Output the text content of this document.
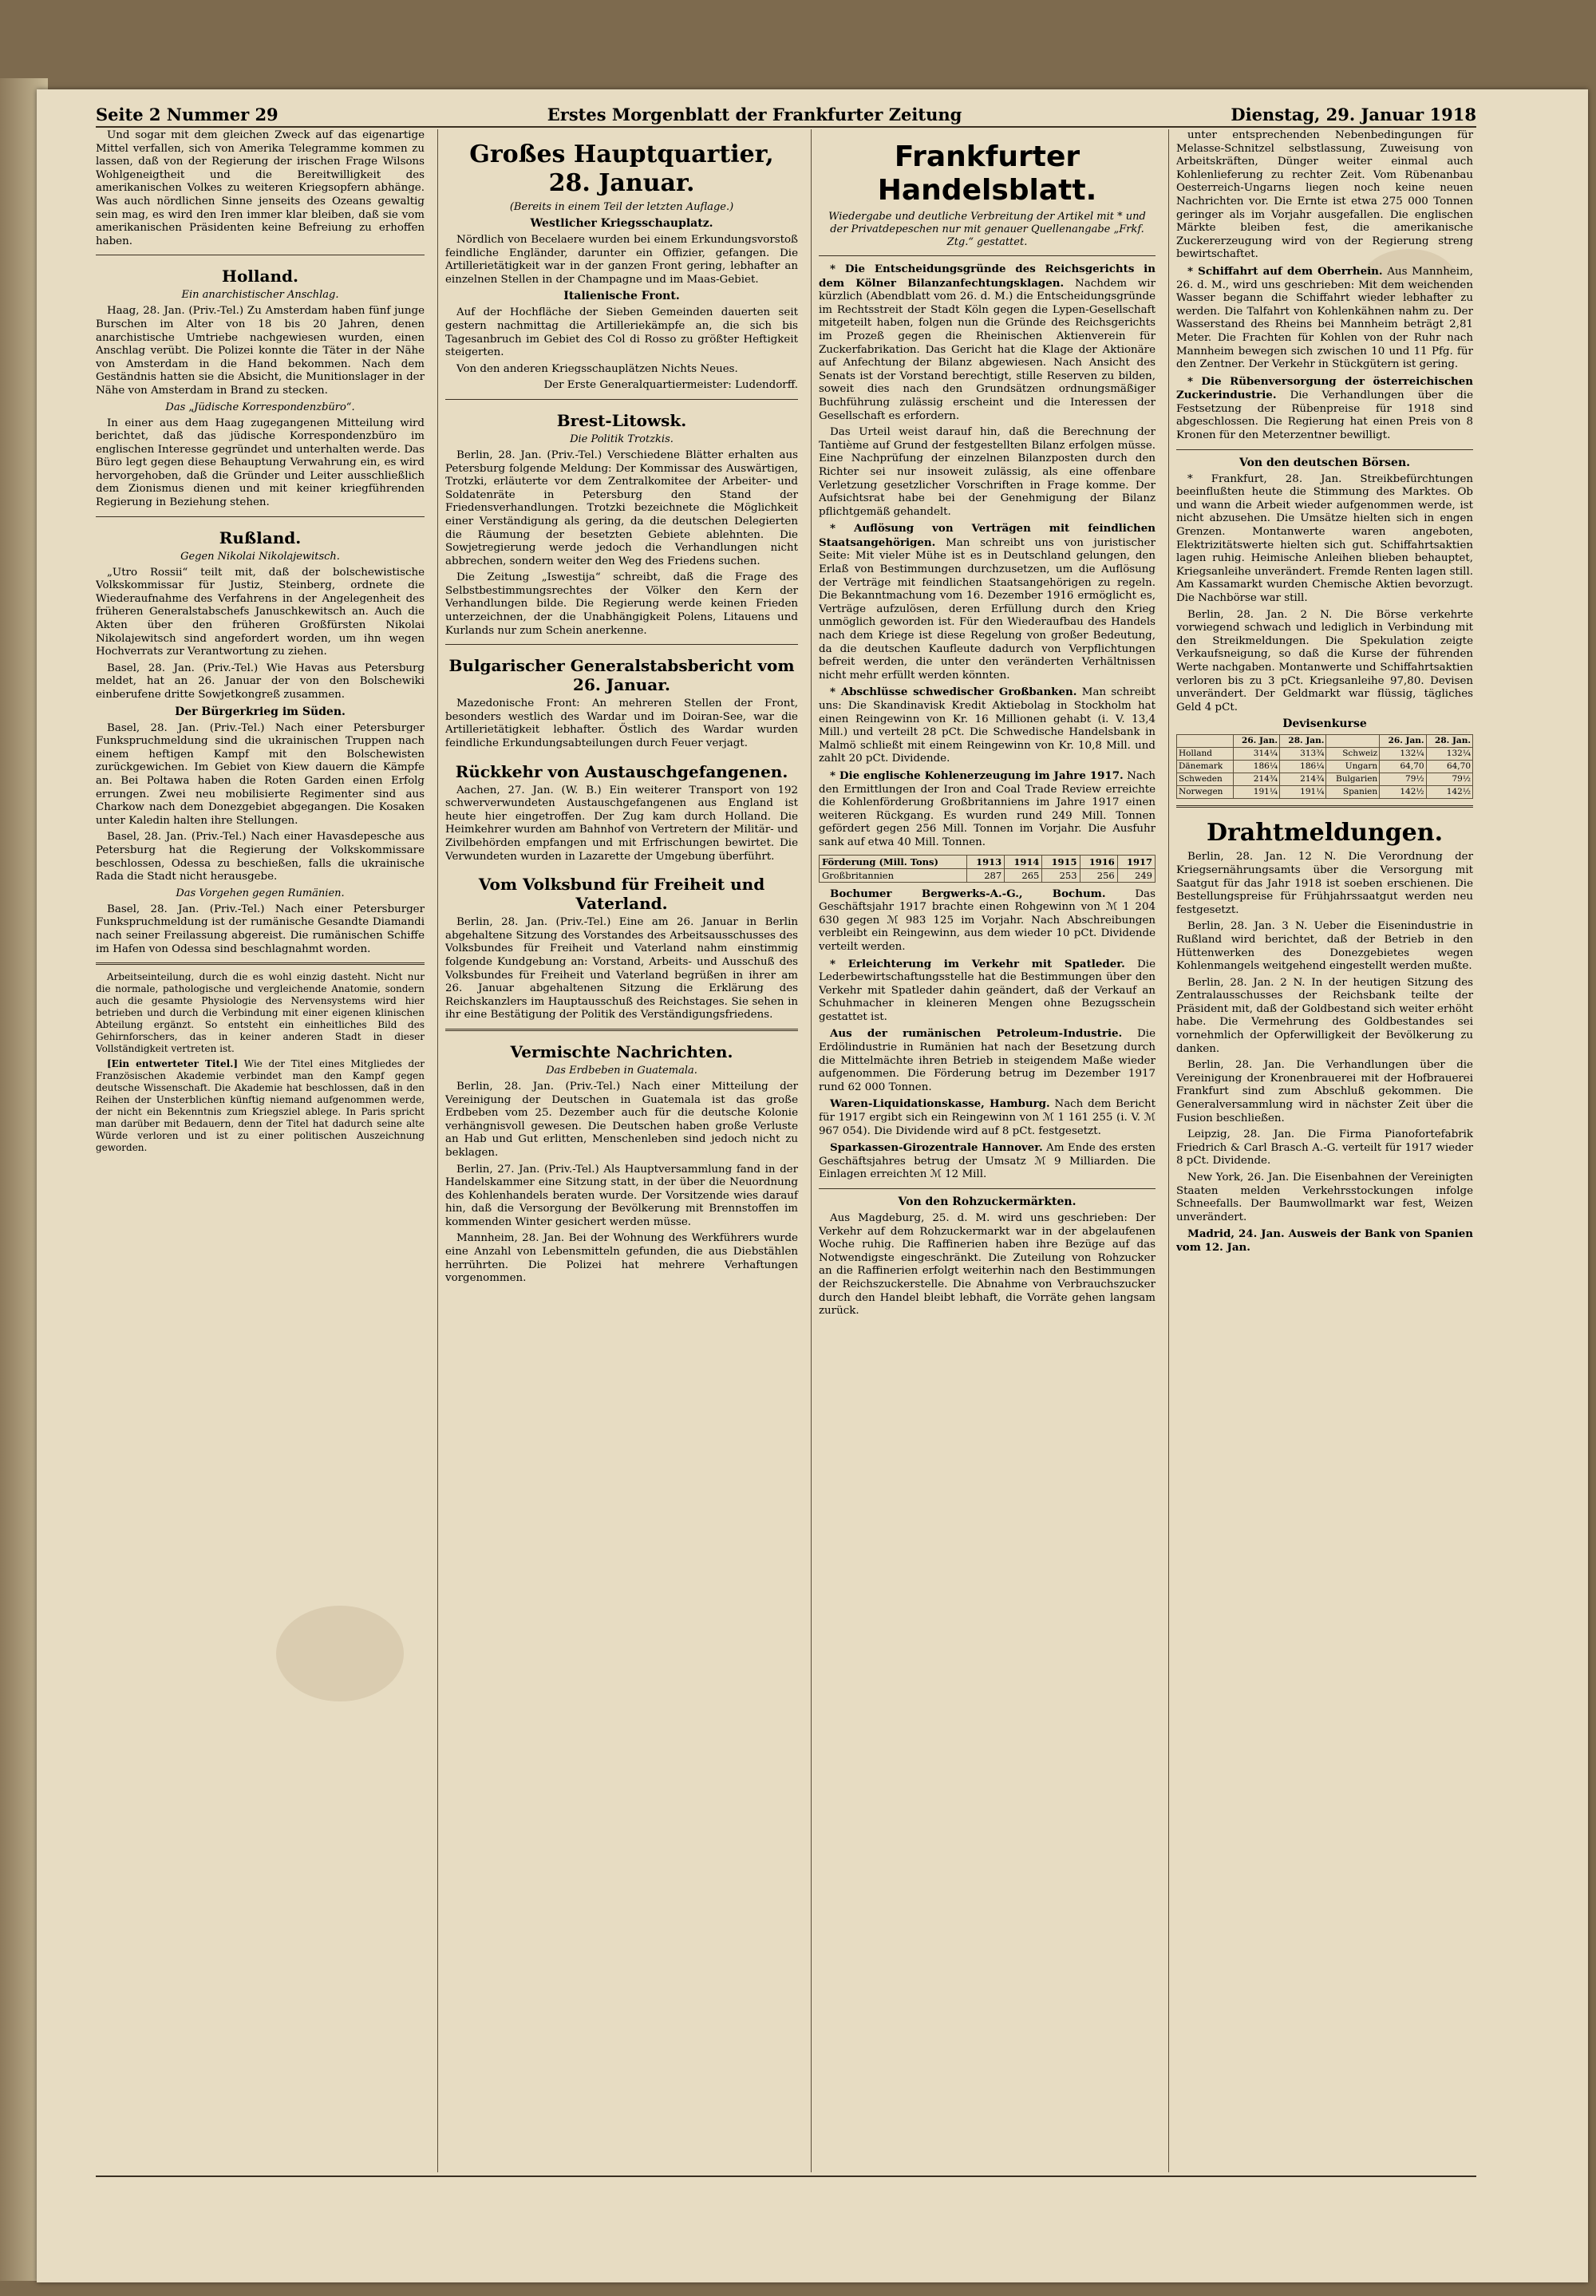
Seite 2 Nummer 29	Erstes Morgenblatt der Frankfurter Zeitung	Dienstag, 29. Januar 1918

Und sogar mit dem gleichen Zweck auf das eigenartige Mittel verfallen, sich von Amerika Telegramme kommen zu lassen, daß von der Regierung der irischen Frage Wilsons Wohlgeneigtheit und die Bereitwilligkeit des amerikanischen Volkes zu weiteren Kriegsopfern abhänge. Was auch nördlichen Sinne jenseits des Ozeans gewaltig sein mag, es wird den Iren immer klar bleiben, daß sie vom amerikanischen Präsidenten keine Befreiung zu erhoffen haben.

Holland.
Ein anarchistischer Anschlag.

Haag, 28. Jan. (Priv.-Tel.) Zu Amsterdam haben fünf junge Burschen im Alter von 18 bis 20 Jahren, denen anarchistische Umtriebe nachgewiesen wurden, einen Anschlag verübt. Die Polizei konnte die Täter in der Nähe von Amsterdam in die Hand bekommen. Nach dem Geständnis hatten sie die Absicht, die Munitionslager in der Nähe von Amsterdam in Brand zu stecken.

Das „Jüdische Korrespondenzbüro“.

In einer aus dem Haag zugegangenen Mitteilung wird berichtet, daß das jüdische Korrespondenzbüro im englischen Interesse gegründet und unterhalten werde. Das Büro legt gegen diese Behauptung Verwahrung ein, es wird hervorgehoben, daß die Gründer und Leiter ausschließlich dem Zionismus dienen und mit keiner kriegführenden Regierung in Beziehung stehen.

Rußland.
Gegen Nikolai Nikolajewitsch.

„Utro Rossii“ teilt mit, daß der bolschewistische Volkskommissar für Justiz, Steinberg, ordnete die Wiederaufnahme des Verfahrens in der Angelegenheit des früheren Generalstabschefs Januschkewitsch an. Auch die Akten über den früheren Großfürsten Nikolai Nikolajewitsch sind angefordert worden, um ihn wegen Hochverrats zur Verantwortung zu ziehen.

Basel, 28. Jan. (Priv.-Tel.) Wie Havas aus Petersburg meldet, hat an 26. Januar der von den Bolschewiki einberufene dritte Sowjetkongreß zusammen.

Der Bürgerkrieg im Süden.

Basel, 28. Jan. (Priv.-Tel.) Nach einer Petersburger Funkspruchmeldung sind die ukrainischen Truppen nach einem heftigen Kampf mit den Bolschewisten zurückgewichen. Im Gebiet von Kiew dauern die Kämpfe an. Bei Poltawa haben die Roten Garden einen Erfolg errungen. Zwei neu mobilisierte Regimenter sind aus Charkow nach dem Donezgebiet abgegangen. Die Kosaken unter Kaledin halten ihre Stellungen.

Basel, 28. Jan. (Priv.-Tel.) Nach einer Havasdepesche aus Petersburg hat die Regierung der Volkskommissare beschlossen, Odessa zu beschießen, falls die ukrainische Rada die Stadt nicht herausgebe.

Das Vorgehen gegen Rumänien.

Basel, 28. Jan. (Priv.-Tel.) Nach einer Petersburger Funkspruchmeldung ist der rumänische Gesandte Diamandi nach seiner Freilassung abgereist. Die rumänischen Schiffe im Hafen von Odessa sind beschlagnahmt worden.

Arbeitseinteilung, durch die es wohl einzig dasteht. Nicht nur die normale, pathologische und vergleichende Anatomie, sondern auch die gesamte Physiologie des Nervensystems wird hier betrieben und durch die Verbindung mit einer eigenen klinischen Abteilung ergänzt. So entsteht ein einheitliches Bild des Gehirnforschers, das in keiner anderen Stadt in dieser Vollständigkeit vertreten ist.

[Ein entwerteter Titel.] Wie der Titel eines Mitgliedes der Französischen Akademie verbindet man den Kampf gegen deutsche Wissenschaft. Die Akademie hat beschlossen, daß in den Reihen der Unsterblichen künftig niemand aufgenommen werde, der nicht ein Bekenntnis zum Kriegsziel ablege. In Paris spricht man darüber mit Bedauern, denn der Titel hat dadurch seine alte Würde verloren und ist zu einer politischen Auszeichnung geworden.

Großes Hauptquartier, 28. Januar.
(Bereits in einem Teil der letzten Auflage.)
Westlicher Kriegsschauplatz.

Nördlich von Becelaere wurden bei einem Erkundungsvorstoß feindliche Engländer, darunter ein Offizier, gefangen. Die Artillerietätigkeit war in der ganzen Front gering, lebhafter an einzelnen Stellen in der Champagne und im Maas-Gebiet.

Italienische Front.

Auf der Hochfläche der Sieben Gemeinden dauerten seit gestern nachmittag die Artilleriekämpfe an, die sich bis Tagesanbruch im Gebiet des Col di Rosso zu größter Heftigkeit steigerten.

Von den anderen Kriegsschauplätzen Nichts Neues.

Der Erste Generalquartiermeister: Ludendorff.

Brest-Litowsk.
Die Politik Trotzkis.

Berlin, 28. Jan. (Priv.-Tel.) Verschiedene Blätter erhalten aus Petersburg folgende Meldung: Der Kommissar des Auswärtigen, Trotzki, erläuterte vor dem Zentralkomitee der Arbeiter- und Soldatenräte in Petersburg den Stand der Friedensverhandlungen. Trotzki bezeichnete die Möglichkeit einer Verständigung als gering, da die deutschen Delegierten die Räumung der besetzten Gebiete ablehnten. Die Sowjetregierung werde jedoch die Verhandlungen nicht abbrechen, sondern weiter den Weg des Friedens suchen.

Die Zeitung „Iswestija“ schreibt, daß die Frage des Selbstbestimmungsrechtes der Völker den Kern der Verhandlungen bilde. Die Regierung werde keinen Frieden unterzeichnen, der die Unabhängigkeit Polens, Litauens und Kurlands nur zum Schein anerkenne.

Bulgarischer Generalstabsbericht vom 26. Januar.

Mazedonische Front: An mehreren Stellen der Front, besonders westlich des Wardar und im Doiran-See, war die Artillerietätigkeit lebhafter. Östlich des Wardar wurden feindliche Erkundungsabteilungen durch Feuer verjagt.

Rückkehr von Austauschgefangenen.

Aachen, 27. Jan. (W. B.) Ein weiterer Transport von 192 schwerverwundeten Austauschgefangenen aus England ist heute hier eingetroffen. Der Zug kam durch Holland. Die Heimkehrer wurden am Bahnhof von Vertretern der Militär- und Zivilbehörden empfangen und mit Erfrischungen bewirtet. Die Verwundeten wurden in Lazarette der Umgebung überführt.

Vom Volksbund für Freiheit und Vaterland.

Berlin, 28. Jan. (Priv.-Tel.) Eine am 26. Januar in Berlin abgehaltene Sitzung des Vorstandes des Arbeitsausschusses des Volksbundes für Freiheit und Vaterland nahm einstimmig folgende Kundgebung an: Vorstand, Arbeits- und Ausschuß des Volksbundes für Freiheit und Vaterland begrüßen in ihrer am 26. Januar abgehaltenen Sitzung die Erklärung des Reichskanzlers im Hauptausschuß des Reichstages. Sie sehen in ihr eine Bestätigung der Politik des Verständigungsfriedens.

Vermischte Nachrichten.
Das Erdbeben in Guatemala.

Berlin, 28. Jan. (Priv.-Tel.) Nach einer Mitteilung der Vereinigung der Deutschen in Guatemala ist das große Erdbeben vom 25. Dezember auch für die deutsche Kolonie verhängnisvoll gewesen. Die Deutschen haben große Verluste an Hab und Gut erlitten, Menschenleben sind jedoch nicht zu beklagen.

Berlin, 27. Jan. (Priv.-Tel.) Als Hauptversammlung fand in der Handelskammer eine Sitzung statt, in der über die Neuordnung des Kohlenhandels beraten wurde. Der Vorsitzende wies darauf hin, daß die Versorgung der Bevölkerung mit Brennstoffen im kommenden Winter gesichert werden müsse.

Mannheim, 28. Jan. Bei der Wohnung des Werkführers wurde eine Anzahl von Lebensmitteln gefunden, die aus Diebstählen herrührten. Die Polizei hat mehrere Verhaftungen vorgenommen.

Frankfurter Handelsblatt.
Wiedergabe und deutliche Verbreitung der Artikel mit * und der Privatdepeschen nur mit genauer Quellenangabe „Frkf. Ztg.“ gestattet.

* Die Entscheidungsgründe des Reichsgerichts in dem Kölner Bilanzanfechtungsklagen. Nachdem wir kürzlich (Abendblatt vom 26. d. M.) die Entscheidungsgründe im Rechtsstreit der Stadt Köln gegen die Lypen-Gesellschaft mitgeteilt haben, folgen nun die Gründe des Reichsgerichts im Prozeß gegen die Rheinischen Aktienverein für Zuckerfabrikation. Das Gericht hat die Klage der Aktionäre auf Anfechtung der Bilanz abgewiesen. Nach Ansicht des Senats ist der Vorstand berechtigt, stille Reserven zu bilden, soweit dies nach den Grundsätzen ordnungsmäßiger Buchführung zulässig erscheint und die Interessen der Gesellschaft es erfordern.

Das Urteil weist darauf hin, daß die Berechnung der Tantième auf Grund der festgestellten Bilanz erfolgen müsse. Eine Nachprüfung der einzelnen Bilanzposten durch den Richter sei nur insoweit zulässig, als eine offenbare Verletzung gesetzlicher Vorschriften in Frage komme. Der Aufsichtsrat habe bei der Genehmigung der Bilanz pflichtgemäß gehandelt.

* Auflösung von Verträgen mit feindlichen Staatsangehörigen. Man schreibt uns von juristischer Seite: Mit vieler Mühe ist es in Deutschland gelungen, den Erlaß von Bestimmungen durchzusetzen, um die Auflösung der Verträge mit feindlichen Staatsangehörigen zu regeln. Die Bekanntmachung vom 16. Dezember 1916 ermöglicht es, Verträge aufzulösen, deren Erfüllung durch den Krieg unmöglich geworden ist. Für den Wiederaufbau des Handels nach dem Kriege ist diese Regelung von großer Bedeutung, da die deutschen Kaufleute dadurch von Verpflichtungen befreit werden, die unter den veränderten Verhältnissen nicht mehr erfüllt werden könnten.

* Abschlüsse schwedischer Großbanken. Man schreibt uns: Die Skandinavisk Kredit Aktiebolag in Stockholm hat einen Reingewinn von Kr. 16 Millionen gehabt (i. V. 13,4 Mill.) und verteilt 28 pCt. Die Schwedische Handelsbank in Malmö schließt mit einem Reingewinn von Kr. 10,8 Mill. und zahlt 20 pCt. Dividende.

* Die englische Kohlenerzeugung im Jahre 1917. Nach den Ermittlungen der Iron and Coal Trade Review erreichte die Kohlenförderung Großbritanniens im Jahre 1917 einen weiteren Rückgang. Es wurden rund 249 Mill. Tonnen gefördert gegen 256 Mill. Tonnen im Vorjahr. Die Ausfuhr sank auf etwa 40 Mill. Tonnen.

Förderung (Mill. Tons)	1913	1914	1915	1916	1917
Großbritannien	287	265	253	256	249

Bochumer Bergwerks-A.-G., Bochum.	Das Geschäftsjahr 1917 brachte einen Rohgewinn von ℳ 1 204 630 gegen ℳ 983 125 im Vorjahr. Nach Abschreibungen verbleibt ein Reingewinn, aus dem wieder 10 pCt. Dividende verteilt werden.

* Erleichterung im Verkehr mit Spatleder. Die Lederbewirtschaftungsstelle hat die Bestimmungen über den Verkehr mit Spatleder dahin geändert, daß der Verkauf an Schuhmacher in kleineren Mengen ohne Bezugsschein gestattet ist.

Aus der rumänischen Petroleum-Industrie. Die Erdölindustrie in Rumänien hat nach der Besetzung durch die Mittelmächte ihren Betrieb in steigendem Maße wieder aufgenommen. Die Förderung betrug im Dezember 1917 rund 62 000 Tonnen.

Waren-Liquidationskasse, Hamburg. Nach dem Bericht für 1917 ergibt sich ein Reingewinn von ℳ 1 161 255 (i. V. ℳ 967 054). Die Dividende wird auf 8 pCt. festgesetzt.

Sparkassen-Girozentrale Hannover. Am Ende des ersten Geschäftsjahres betrug der Umsatz ℳ 9 Milliarden. Die Einlagen erreichten ℳ 12 Mill.

Von den Rohzuckermärkten.

Aus Magdeburg, 25. d. M. wird uns geschrieben: Der Verkehr auf dem Rohzuckermarkt war in der abgelaufenen Woche ruhig. Die Raffinerien haben ihre Bezüge auf das Notwendigste eingeschränkt. Die Zuteilung von Rohzucker an die Raffinerien erfolgt weiterhin nach den Bestimmungen der Reichszuckerstelle. Die Abnahme von Verbrauchszucker durch den Handel bleibt lebhaft, die Vorräte gehen langsam zurück.

unter entsprechenden Nebenbedingungen für Melasse-Schnitzel selbstlassung, Zuweisung von Arbeitskräften, Dünger weiter einmal auch Kohlenlieferung zu rechter Zeit. Vom Rübenanbau Oesterreich-Ungarns liegen noch keine neuen Nachrichten vor. Die Ernte ist etwa 275 000 Tonnen geringer als im Vorjahr ausgefallen. Die englischen Märkte bleiben fest, die amerikanische Zuckererzeugung wird von der Regierung streng bewirtschaftet.

* Schiffahrt auf dem Oberrhein. Aus Mannheim, 26. d. M., wird uns geschrieben: Mit dem weichenden Wasser begann die Schiffahrt wieder lebhafter zu werden. Die Talfahrt von Kohlenkähnen nahm zu. Der Wasserstand des Rheins bei Mannheim beträgt 2,81 Meter. Die Frachten für Kohlen von der Ruhr nach Mannheim bewegen sich zwischen 10 und 11 Pfg. für den Zentner. Der Verkehr in Stückgütern ist gering.

* Die Rübenversorgung der österreichischen Zuckerindustrie. Die Verhandlungen über die Festsetzung der Rübenpreise für 1918 sind abgeschlossen. Die Regierung hat einen Preis von 8 Kronen für den Meterzentner bewilligt.

Von den deutschen Börsen.

* Frankfurt, 28. Jan. Streikbefürchtungen beeinflußten heute die Stimmung des Marktes. Ob und wann die Arbeit wieder aufgenommen werde, ist nicht abzusehen. Die Umsätze hielten sich in engen Grenzen. Montanwerte waren angeboten, Elektrizitätswerte hielten sich gut. Schiffahrtsaktien lagen ruhig. Heimische Anleihen blieben behauptet, Kriegsanleihe unverändert. Fremde Renten lagen still. Am Kassamarkt wurden Chemische Aktien bevorzugt. Die Nachbörse war still.

Berlin, 28. Jan. 2 N. Die Börse verkehrte vorwiegend schwach und lediglich in Verbindung mit den Streikmeldungen. Die Spekulation zeigte Verkaufsneigung, so daß die Kurse der führenden Werte nachgaben. Montanwerte und Schiffahrtsaktien verloren bis zu 3 pCt. Kriegsanleihe 97,80. Devisen unverändert. Der Geldmarkt war flüssig, tägliches Geld 4 pCt.

Devisenkurse
	26. Jan.	28. Jan.		26. Jan.	28. Jan.
Holland	314¼	313¾	Schweiz	132¼	132¼
Dänemark	186¼	186¼	Ungarn	64,70	64,70
Schweden	214¾	214¾	Bulgarien	79½	79½
Norwegen	191¼	191¼	Spanien	142½	142½
Drahtmeldungen.

Berlin, 28. Jan. 12 N. Die Verordnung der Kriegsernährungsamts über die Versorgung mit Saatgut für das Jahr 1918 ist soeben erschienen. Die Bestellungspreise für Frühjahrssaatgut werden neu festgesetzt.

Berlin, 28. Jan. 3 N. Ueber die Eisenindustrie in Rußland wird berichtet, daß der Betrieb in den Hüttenwerken des Donezgebietes wegen Kohlenmangels weitgehend eingestellt werden mußte.

Berlin, 28. Jan. 2 N. In der heutigen Sitzung des Zentralausschusses der Reichsbank teilte der Präsident mit, daß der Goldbestand sich weiter erhöht habe. Die Vermehrung des Goldbestandes sei vornehmlich der Opferwilligkeit der Bevölkerung zu danken.

Berlin, 28. Jan. Die Verhandlungen über die Vereinigung der Kronenbrauerei mit der Hofbrauerei Frankfurt sind zum Abschluß gekommen. Die Generalversammlung wird in nächster Zeit über die Fusion beschließen.

Leipzig, 28. Jan. Die Firma Pianofortefabrik Friedrich & Carl Brasch A.-G. verteilt für 1917 wieder 8 pCt. Dividende.

New York, 26. Jan. Die Eisenbahnen der Vereinigten Staaten melden Verkehrsstockungen infolge Schneefalls. Der Baumwollmarkt war fest, Weizen unverändert.

Madrid, 24. Jan. Ausweis der Bank von Spanien vom 12. Jan.
